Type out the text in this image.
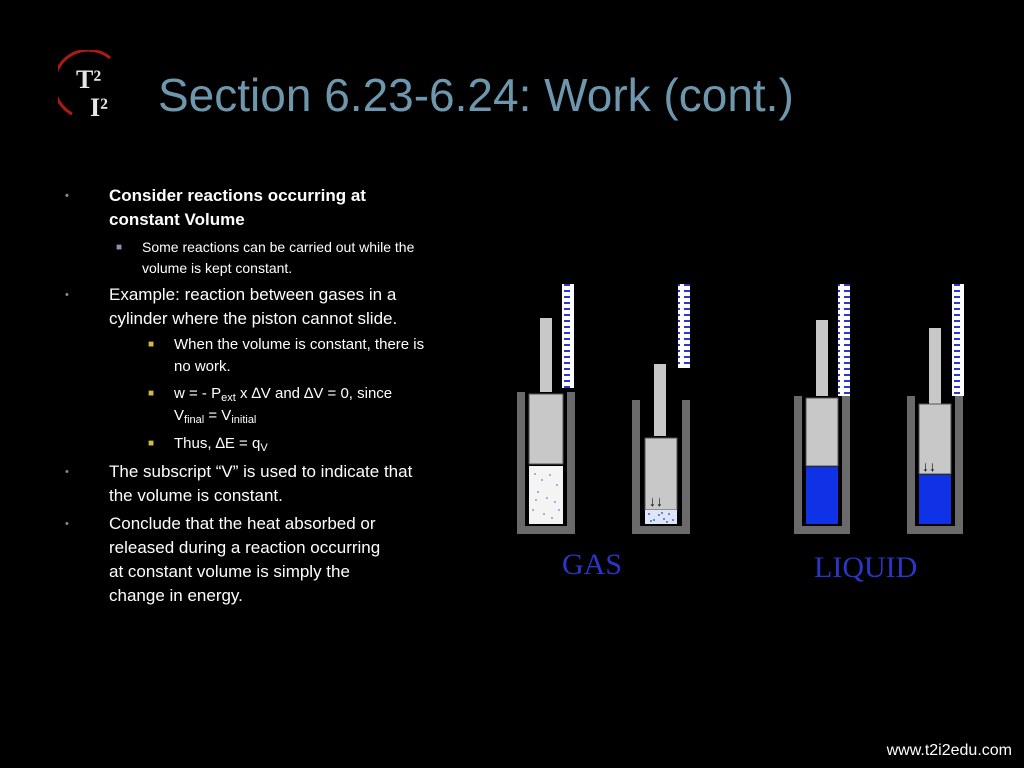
T²
I² Section 6.23-6.24: Work (cont.)
• Consider reactions occurring at
constant Volume
■ Some reactions can be carried out while the
volume is kept constant.
• Example: reaction between gases in a
cylinder where the piston cannot slide.
■ When the volume is constant, there is
no work.
■ w = - $P_{ext}$ x ∆V and ∆V = 0, since
$V_{final} = V_{initial}$
■ Thus, $\Delta E = q_V$
• The subscript “V” is used to indicate that
the volume is constant.
• Conclude that the heat absorbed or
released during a reaction occurring
at constant volume is simply the
change in energy.
↓↓
↓↓
GAS	LIQUID
www.t2i2edu.com
